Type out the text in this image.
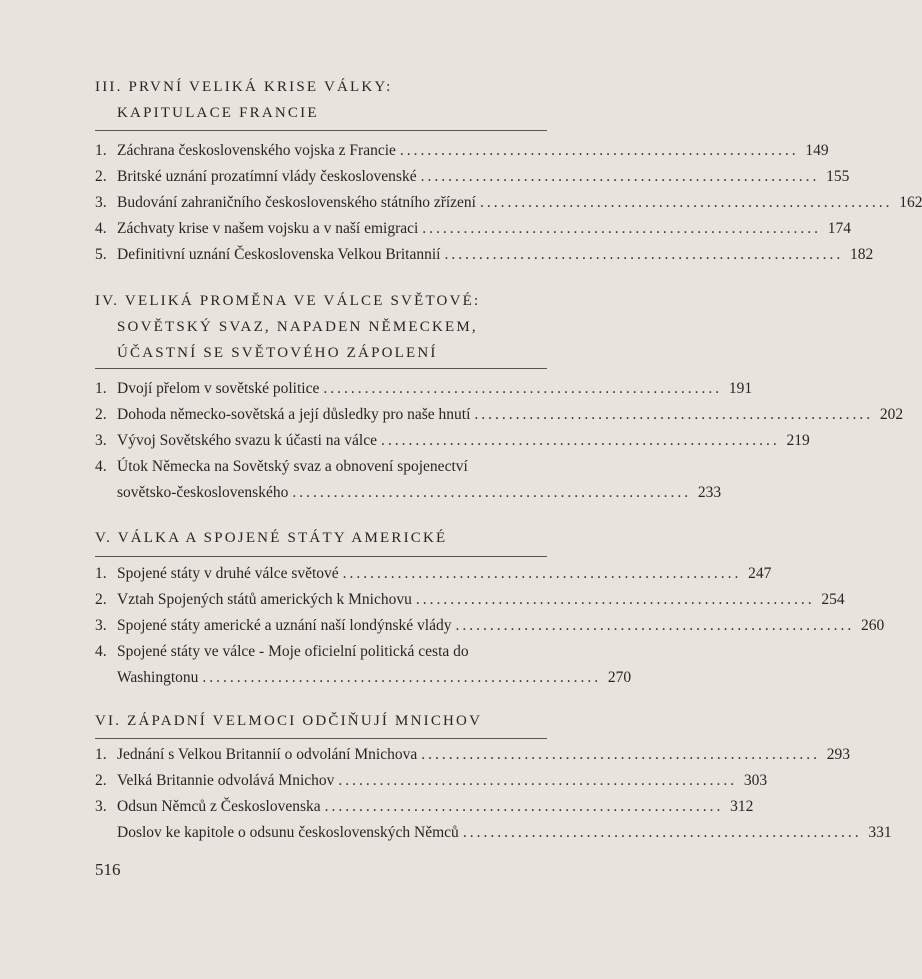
III. PRVNÍ VELIKÁ KRISE VÁLKY:
KAPITULACE FRANCIE
1. Záchrana československého vojska z Francie .......................................................... 149
2. Britské uznání prozatímní vlády československé .......................................................... 155
3. Budování zahraničního československého státního zřízení ............................................................ 162
4. Záchvaty krise v našem vojsku a v naší emigraci .......................................................... 174
5. Definitivní uznání Československa Velkou Britannií .......................................................... 182
IV. VELIKÁ PROMĚNA VE VÁLCE SVĚTOVÉ:
SOVĚTSKÝ SVAZ, NAPADEN NĚMECKEM,
ÚČASTNÍ SE SVĚTOVÉHO ZÁPOLENÍ
1. Dvojí přelom v sovětské politice .......................................................... 191
2. Dohoda německo-sovětská a její důsledky pro naše hnutí .......................................................... 202
3. Vývoj Sovětského svazu k účasti na válce .......................................................... 219
4. Útok Německa na Sovětský svaz a obnovení spojenectví
sovětsko-československého .......................................................... 233
V. VÁLKA A SPOJENÉ STÁTY AMERICKÉ
1. Spojené státy v druhé válce světové .......................................................... 247
2. Vztah Spojených států amerických k Mnichovu .......................................................... 254
3. Spojené státy americké a uznání naší londýnské vlády .......................................................... 260
4. Spojené státy ve válce - Moje oficielní politická cesta do
Washingtonu .......................................................... 270
VI. ZÁPADNÍ VELMOCI ODČIŇUJÍ MNICHOV
1. Jednání s Velkou Britannií o odvolání Mnichova .......................................................... 293
2. Velká Britannie odvolává Mnichov .......................................................... 303
3. Odsun Němců z Československa .......................................................... 312
Doslov ke kapitole o odsunu československých Němců .......................................................... 331
516
